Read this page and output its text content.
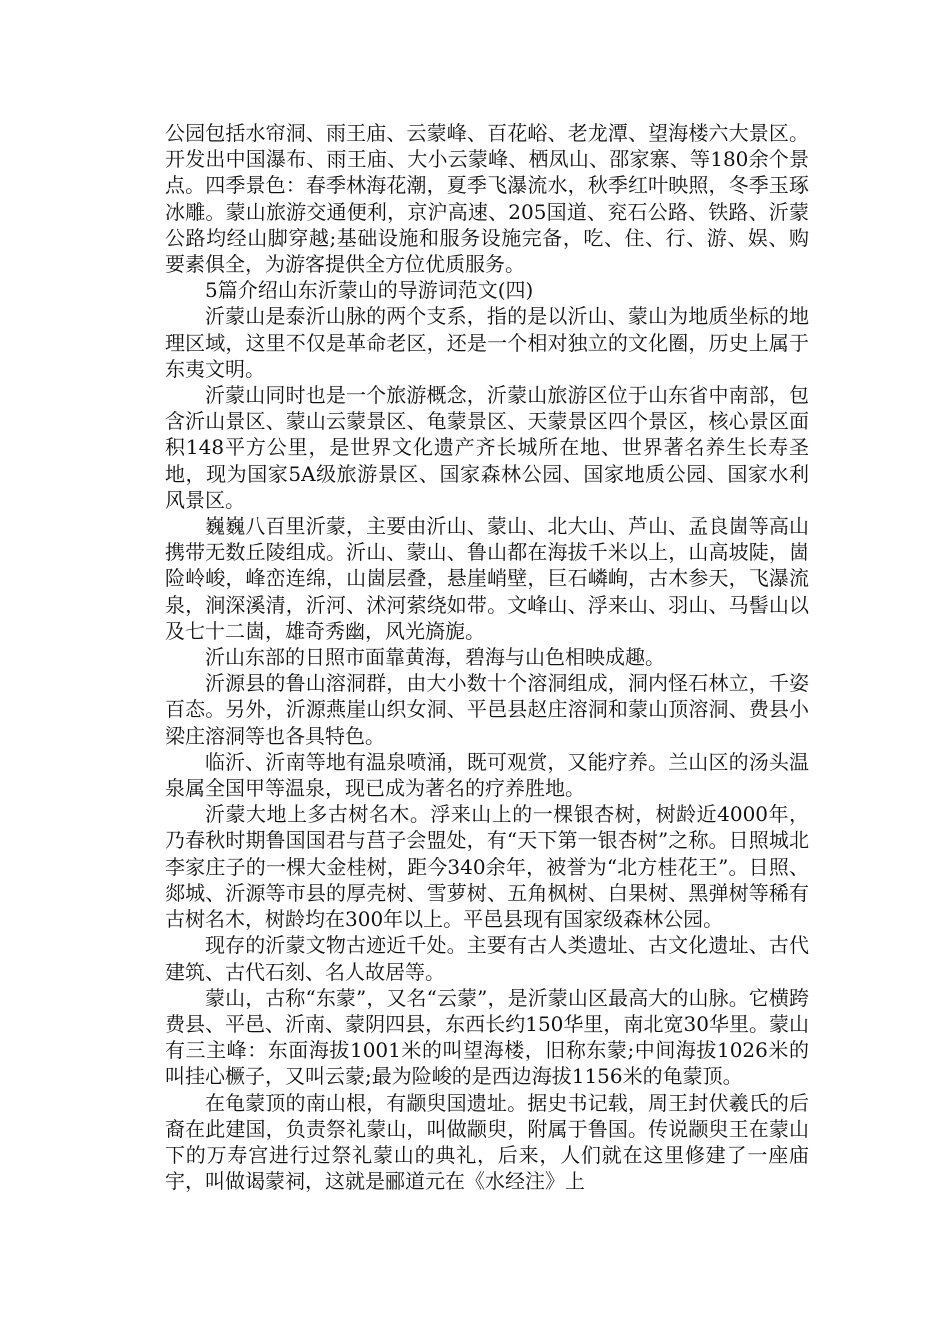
公园包括水帘洞、雨王庙、云蒙峰、百花峪、老龙潭、望海楼六大景区。开发出中国瀑布、雨王庙、大小云蒙峰、栖凤山、邵家寨、等180余个景点。四季景色：春季林海花潮，夏季飞瀑流水，秋季红叶映照，冬季玉琢冰雕。蒙山旅游交通便利，京沪高速、205国道、兖石公路、铁路、沂蒙公路均经山脚穿越;基础设施和服务设施完备，吃、住、行、游、娱、购要素俱全，为游客提供全方位优质服务。

5篇介绍山东沂蒙山的导游词范文(四)

沂蒙山是泰沂山脉的两个支系，指的是以沂山、蒙山为地质坐标的地理区域，这里不仅是革命老区，还是一个相对独立的文化圈，历史上属于东夷文明。

沂蒙山同时也是一个旅游概念，沂蒙山旅游区位于山东省中南部，包含沂山景区、蒙山云蒙景区、龟蒙景区、天蒙景区四个景区，核心景区面积148平方公里，是世界文化遗产齐长城所在地、世界著名养生长寿圣地，现为国家5A级旅游景区、国家森林公园、国家地质公园、国家水利风景区。

巍巍八百里沂蒙，主要由沂山、蒙山、北大山、芦山、孟良崮等高山携带无数丘陵组成。沂山、蒙山、鲁山都在海拔千米以上，山高坡陡，崮险岭峻，峰峦连绵，山崮层叠，悬崖峭壁，巨石嶙峋，古木参天，飞瀑流泉，涧深溪清，沂河、沭河萦绕如带。文峰山、浮来山、羽山、马髻山以及七十二崮，雄奇秀幽，风光旖旎。

沂山东部的日照市面靠黄海，碧海与山色相映成趣。

沂源县的鲁山溶洞群，由大小数十个溶洞组成，洞内怪石林立，千姿百态。另外，沂源燕崖山织女洞、平邑县赵庄溶洞和蒙山顶溶洞、费县小梁庄溶洞等也各具特色。

临沂、沂南等地有温泉喷涌，既可观赏，又能疗养。兰山区的汤头温泉属全国甲等温泉，现已成为著名的疗养胜地。

沂蒙大地上多古树名木。浮来山上的一棵银杏树，树龄近4000年，乃春秋时期鲁国国君与莒子会盟处，有“天下第一银杏树”之称。日照城北李家庄子的一棵大金桂树，距今340余年，被誉为“北方桂花王”。日照、郯城、沂源等市县的厚壳树、雪萝树、五角枫树、白果树、黑弹树等稀有古树名木，树龄均在300年以上。平邑县现有国家级森林公园。

现存的沂蒙文物古迹近千处。主要有古人类遗址、古文化遗址、古代建筑、古代石刻、名人故居等。

蒙山，古称“东蒙”，又名“云蒙”，是沂蒙山区最高大的山脉。它横跨费县、平邑、沂南、蒙阴四县，东西长约150华里，南北宽30华里。蒙山有三主峰：东面海拔1001米的叫望海楼，旧称东蒙;中间海拔1026米的叫挂心橛子，又叫云蒙;最为险峻的是西边海拔1156米的龟蒙顶。

在龟蒙顶的南山根，有颛臾国遗址。据史书记载，周王封伏羲氏的后裔在此建国，负责祭礼蒙山，叫做颛臾，附属于鲁国。传说颛臾王在蒙山下的万寿宫进行过祭礼蒙山的典礼，后来，人们就在这里修建了一座庙宇，叫做谒蒙祠，这就是郦道元在《水经注》上
